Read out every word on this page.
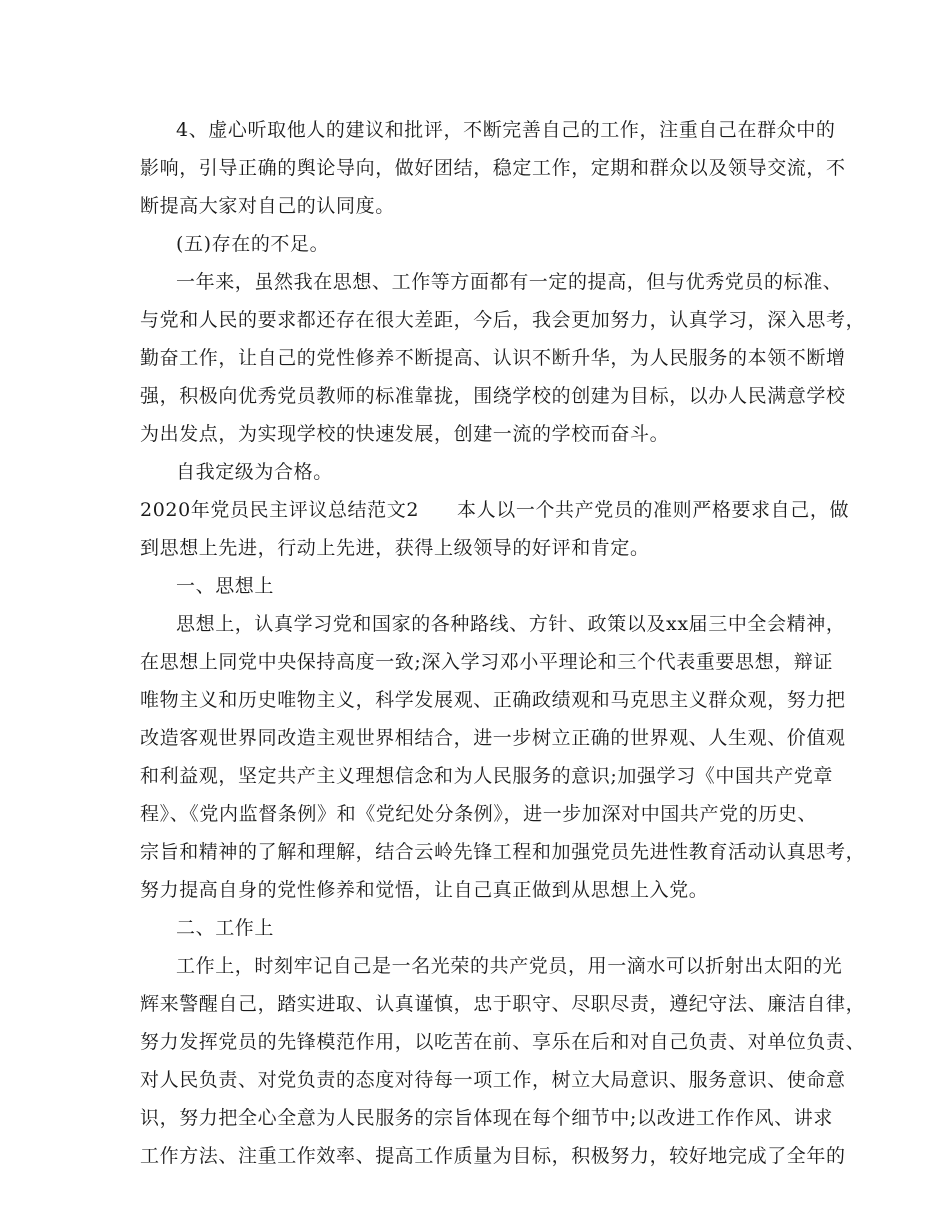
4、虚心听取他人的建议和批评，不断完善自己的工作，注重自己在群众中的
影响，引导正确的舆论导向，做好团结，稳定工作，定期和群众以及领导交流，不
断提高大家对自己的认同度。
(五)存在的不足。
一年来，虽然我在思想、工作等方面都有一定的提高，但与优秀党员的标准、
与党和人民的要求都还存在很大差距，今后，我会更加努力，认真学习，深入思考，
勤奋工作，让自己的党性修养不断提高、认识不断升华，为人民服务的本领不断增
强，积极向优秀党员教师的标准靠拢，围绕学校的创建为目标，以办人民满意学校
为出发点，为实现学校的快速发展，创建一流的学校而奋斗。
自我定级为合格。
2020年党员民主评议总结范文2 本人以一个共产党员的准则严格要求自己，做
到思想上先进，行动上先进，获得上级领导的好评和肯定。
一、思想上
思想上，认真学习党和国家的各种路线、方针、政策以及xx届三中全会精神，
在思想上同党中央保持高度一致;深入学习邓小平理论和三个代表重要思想，辩证
唯物主义和历史唯物主义，科学发展观、正确政绩观和马克思主义群众观，努力把
改造客观世界同改造主观世界相结合，进一步树立正确的世界观、人生观、价值观
和利益观，坚定共产主义理想信念和为人民服务的意识;加强学习《中国共产党章
程》、《党内监督条例》和《党纪处分条例》，进一步加深对中国共产党的历史、
宗旨和精神的了解和理解，结合云岭先锋工程和加强党员先进性教育活动认真思考，
努力提高自身的党性修养和觉悟，让自己真正做到从思想上入党。
二、工作上
工作上，时刻牢记自己是一名光荣的共产党员，用一滴水可以折射出太阳的光
辉来警醒自己，踏实进取、认真谨慎，忠于职守、尽职尽责，遵纪守法、廉洁自律，
努力发挥党员的先锋模范作用，以吃苦在前、享乐在后和对自己负责、对单位负责、
对人民负责、对党负责的态度对待每一项工作，树立大局意识、服务意识、使命意
识，努力把全心全意为人民服务的宗旨体现在每个细节中;以改进工作作风、讲求
工作方法、注重工作效率、提高工作质量为目标，积极努力，较好地完成了全年的
